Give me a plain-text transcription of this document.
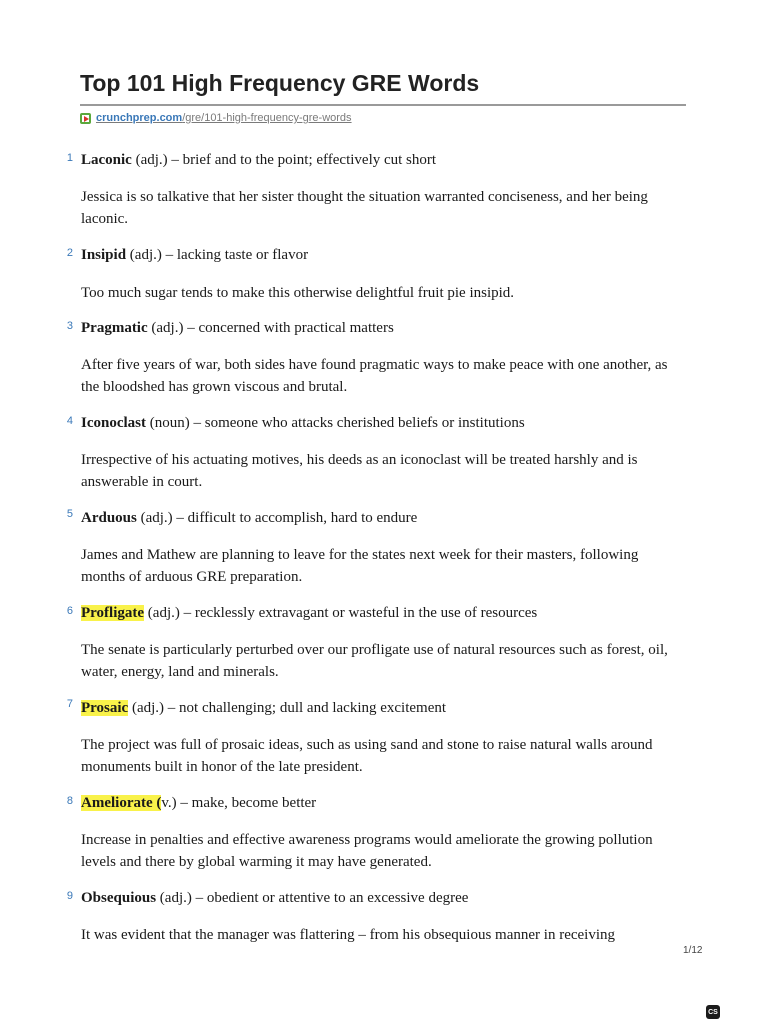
Top 101 High Frequency GRE Words
crunchprep.com/gre/101-high-frequency-gre-words
1 Laconic (adj.) – brief and to the point; effectively cut short
Jessica is so talkative that her sister thought the situation warranted conciseness, and her being laconic.
2 Insipid (adj.) – lacking taste or flavor
Too much sugar tends to make this otherwise delightful fruit pie insipid.
3 Pragmatic (adj.) – concerned with practical matters
After five years of war, both sides have found pragmatic ways to make peace with one another, as the bloodshed has grown viscous and brutal.
4 Iconoclast (noun) – someone who attacks cherished beliefs or institutions
Irrespective of his actuating motives, his deeds as an iconoclast will be treated harshly and is answerable in court.
5 Arduous (adj.) – difficult to accomplish, hard to endure
James and Mathew are planning to leave for the states next week for their masters, following months of arduous GRE preparation.
6 Profligate (adj.) – recklessly extravagant or wasteful in the use of resources
The senate is particularly perturbed over our profligate use of natural resources such as forest, oil, water, energy, land and minerals.
7 Prosaic (adj.) – not challenging; dull and lacking excitement
The project was full of prosaic ideas, such as using sand and stone to raise natural walls around monuments built in honor of the late president.
8 Ameliorate (v.) – make, become better
Increase in penalties and effective awareness programs would ameliorate the growing pollution levels and there by global warming it may have generated.
9 Obsequious (adj.) – obedient or attentive to an excessive degree
It was evident that the manager was flattering – from his obsequious manner in receiving
1/12
CS
